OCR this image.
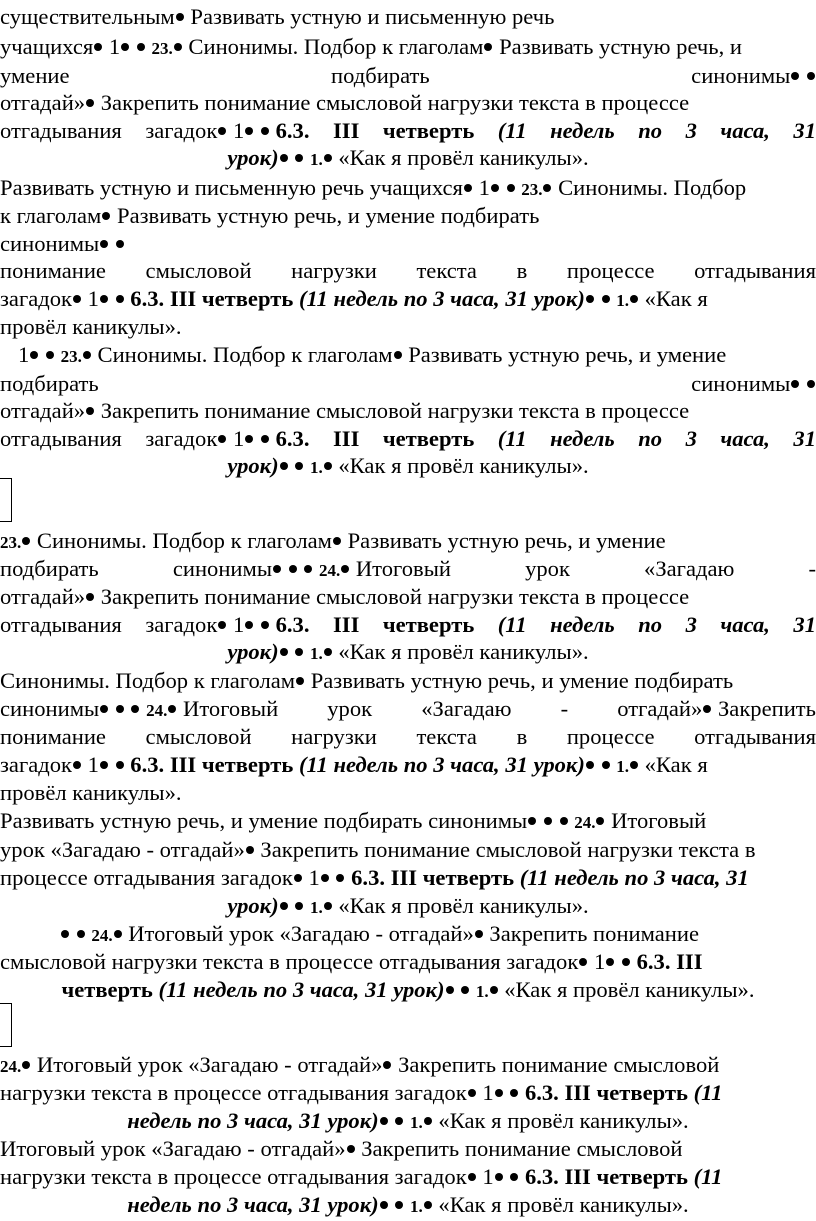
существительным Развивать устную и письменную речь
учащихся 1 23. Синонимы. Подбор к глаголам Развивать устную речь, и
умение	подбирать	синонимы
отгадай» Закрепить понимание смысловой нагрузки текста в процессе
отгадывания загадок 1 6.3. III четверть (11 недель по 3 часа, 31
урок) 1. «Как я провёл каникулы».
Развивать устную и письменную речь учащихся 1 23. Синонимы. Подбор
к глаголам Развивать устную речь, и умение подбирать
синонимы
понимание смысловой нагрузки текста в процессе отгадывания
загадок 1 6.3. III четверть (11 недель по 3 часа, 31 урок) 1. «Как я
провёл каникулы».
1 23. Синонимы. Подбор к глаголам Развивать устную речь, и умение
подбирать	синонимы
отгадай» Закрепить понимание смысловой нагрузки текста в процессе
отгадывания загадок 1 6.3. III четверть (11 недель по 3 часа, 31
урок) 1. «Как я провёл каникулы».
23. Синонимы. Подбор к глаголам Развивать устную речь, и умение
подбирать	синонимы	24. Итоговый	урок	«Загадаю	-
отгадай» Закрепить понимание смысловой нагрузки текста в процессе
отгадывания загадок 1 6.3. III четверть (11 недель по 3 часа, 31
урок) 1. «Как я провёл каникулы».
Синонимы. Подбор к глаголам Развивать устную речь, и умение подбирать
синонимы	24. Итоговый урок «Загадаю - отгадай» Закрепить
понимание смысловой нагрузки текста в процессе отгадывания
загадок 1 6.3. III четверть (11 недель по 3 часа, 31 урок) 1. «Как я
провёл каникулы».
Развивать устную речь, и умение подбирать синонимы	24. Итоговый
урок «Загадаю - отгадай» Закрепить понимание смысловой нагрузки текста в
процессе отгадывания загадок 1 6.3. III четверть (11 недель по 3 часа, 31
урок) 1. «Как я провёл каникулы».
24. Итоговый урок «Загадаю - отгадай» Закрепить понимание
смысловой нагрузки текста в процессе отгадывания загадок 1 6.3. III
четверть (11 недель по 3 часа, 31 урок) 1. «Как я провёл каникулы».
24. Итоговый урок «Загадаю - отгадай» Закрепить понимание смысловой
нагрузки текста в процессе отгадывания загадок 1 6.3. III четверть (11
недель по 3 часа, 31 урок) 1. «Как я провёл каникулы».
Итоговый урок «Загадаю - отгадай» Закрепить понимание смысловой
нагрузки текста в процессе отгадывания загадок 1 6.3. III четверть (11
недель по 3 часа, 31 урок) 1. «Как я провёл каникулы».
